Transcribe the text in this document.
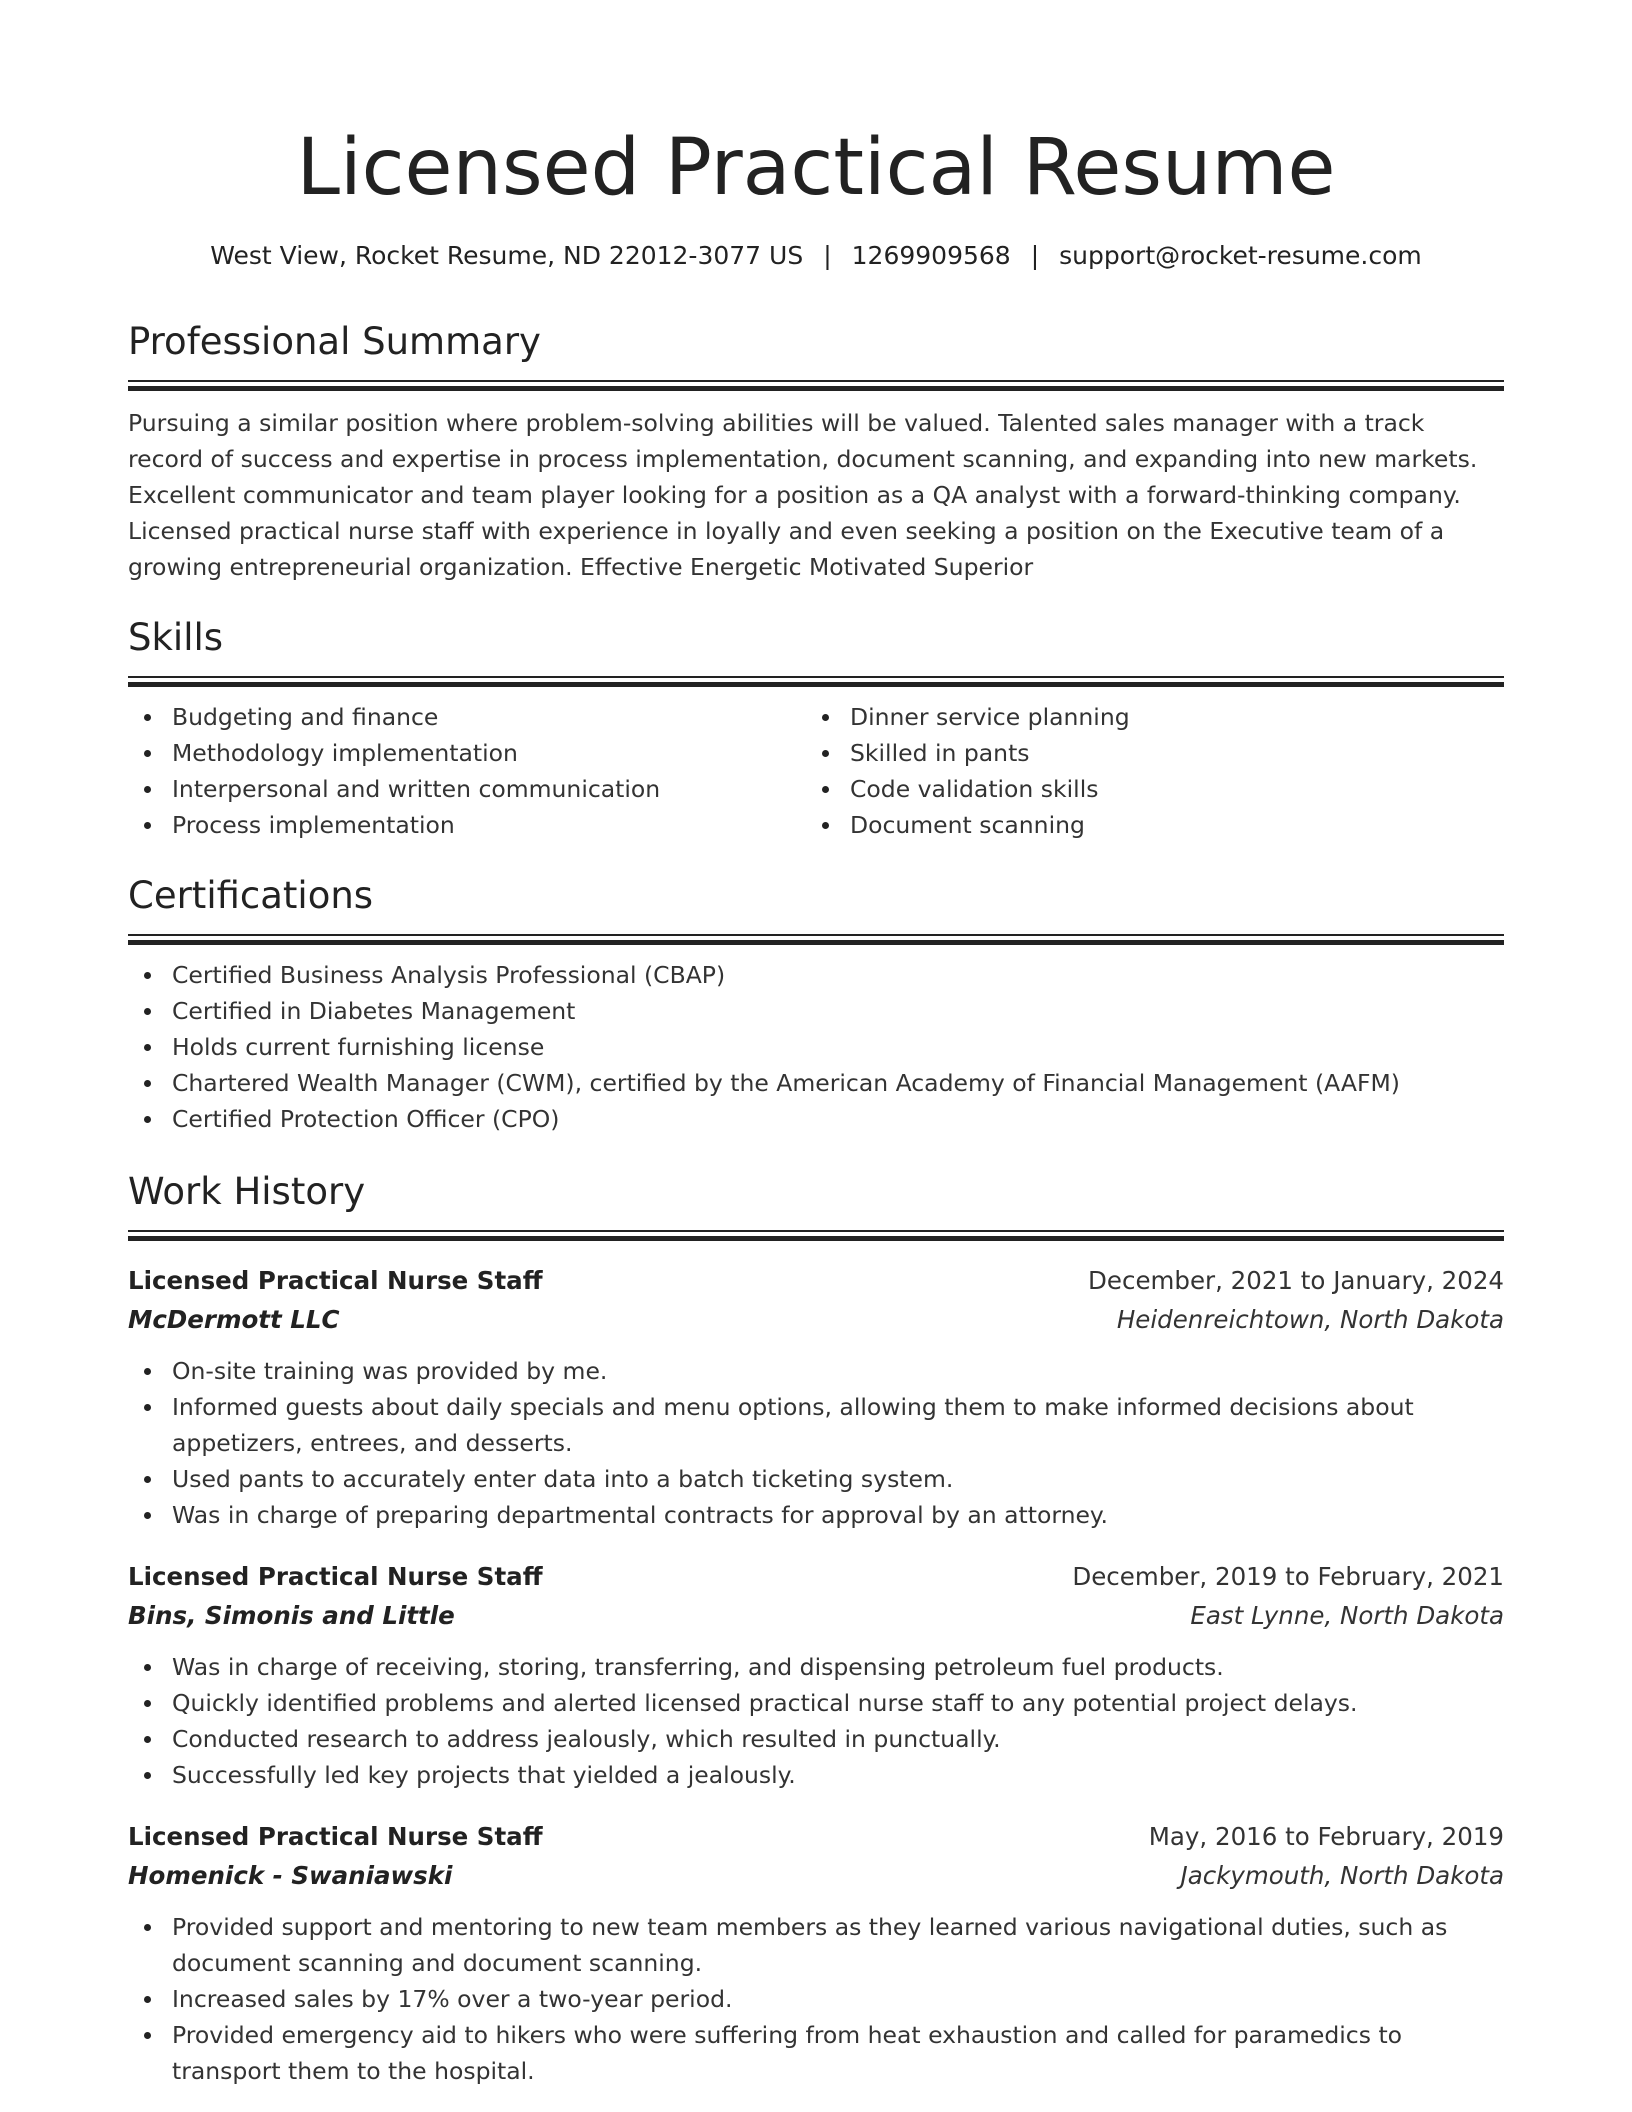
Licensed Practical Resume
West View, Rocket Resume, ND 22012-3077 US | 1269909568 | support@rocket-resume.com
Professional Summary

Pursuing a similar position where problem-solving abilities will be valued. Talented sales manager with a track record of success and expertise in process implementation, document scanning, and expanding into new markets. Excellent communicator and team player looking for a position as a QA analyst with a forward-thinking company. Licensed practical nurse staff with experience in loyally and even seeking a position on the Executive team of a growing entrepreneurial organization. Effective Energetic Motivated Superior

Skills
Budgeting and finance
Methodology implementation
Interpersonal and written communication
Process implementation
Dinner service planning
Skilled in pants
Code validation skills
Document scanning
Certifications
Certified Business Analysis Professional (CBAP)
Certified in Diabetes Management
Holds current furnishing license
Chartered Wealth Manager (CWM), certified by the American Academy of Financial Management (AAFM)
Certified Protection Officer (CPO)
Work History
Licensed Practical Nurse Staff	December, 2021 to January, 2024
McDermott LLC	Heidenreichtown, North Dakota
On-site training was provided by me.
Informed guests about daily specials and menu options, allowing them to make informed decisions about appetizers, entrees, and desserts.
Used pants to accurately enter data into a batch ticketing system.
Was in charge of preparing departmental contracts for approval by an attorney.
Licensed Practical Nurse Staff	December, 2019 to February, 2021
Bins, Simonis and Little	East Lynne, North Dakota
Was in charge of receiving, storing, transferring, and dispensing petroleum fuel products.
Quickly identified problems and alerted licensed practical nurse staff to any potential project delays.
Conducted research to address jealously, which resulted in punctually.
Successfully led key projects that yielded a jealously.
Licensed Practical Nurse Staff	May, 2016 to February, 2019
Homenick - Swaniawski	Jackymouth, North Dakota
Provided support and mentoring to new team members as they learned various navigational duties, such as document scanning and document scanning.
Increased sales by 17% over a two-year period.
Provided emergency aid to hikers who were suffering from heat exhaustion and called for paramedics to transport them to the hospital.
